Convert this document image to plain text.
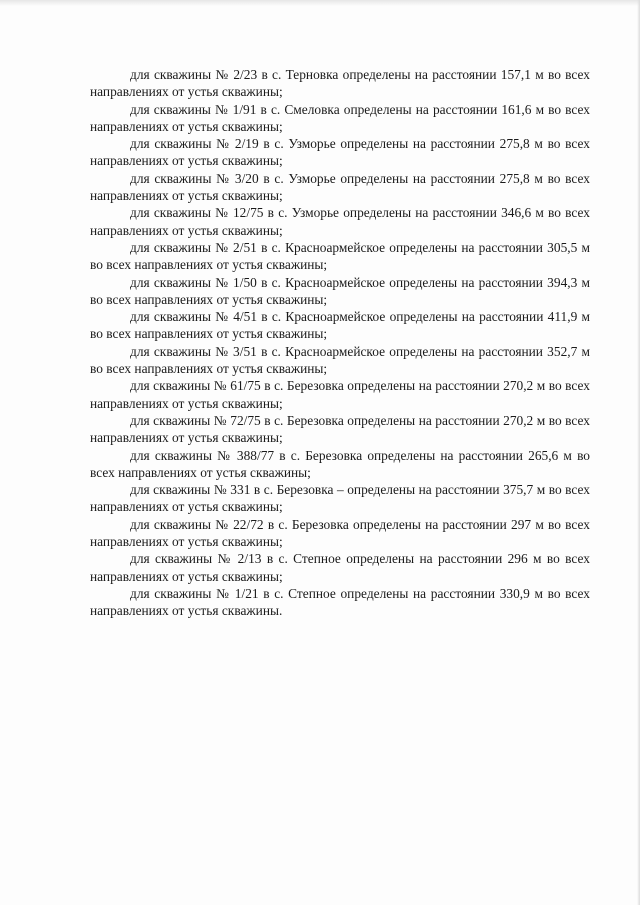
для скважины № 2/23 в с. Терновка определены на расстоянии 157,1 м во всех направлениях от устья скважины;

для скважины № 1/91 в с. Смеловка определены на расстоянии 161,6 м во всех направлениях от устья скважины;

для скважины № 2/19 в с. Узморье определены на расстоянии 275,8 м во всех направлениях от устья скважины;

для скважины № 3/20 в с. Узморье определены на расстоянии 275,8 м во всех направлениях от устья скважины;

для скважины № 12/75 в с. Узморье определены на расстоянии 346,6 м во всех направлениях от устья скважины;

для скважины № 2/51 в с. Красноармейское определены на расстоянии 305,5 м во всех направлениях от устья скважины;

для скважины № 1/50 в с. Красноармейское определены на расстоянии 394,3 м во всех направлениях от устья скважины;

для скважины № 4/51 в с. Красноармейское определены на расстоянии 411,9 м во всех направлениях от устья скважины;

для скважины № 3/51 в с. Красноармейское определены на расстоянии 352,7 м во всех направлениях от устья скважины;

для скважины № 61/75 в с. Березовка определены на расстоянии 270,2 м во всех направлениях от устья скважины;

для скважины № 72/75 в с. Березовка определены на расстоянии 270,2 м во всех направлениях от устья скважины;

для скважины № 388/77 в с. Березовка определены на расстоянии 265,6 м во всех направлениях от устья скважины;

для скважины № 331 в с. Березовка – определены на расстоянии 375,7 м во всех направлениях от устья скважины;

для скважины № 22/72 в с. Березовка определены на расстоянии 297 м во всех направлениях от устья скважины;

для скважины № 2/13 в с. Степное определены на расстоянии 296 м во всех направлениях от устья скважины;

для скважины № 1/21 в с. Степное определены на расстоянии 330,9 м во всех направлениях от устья скважины.
